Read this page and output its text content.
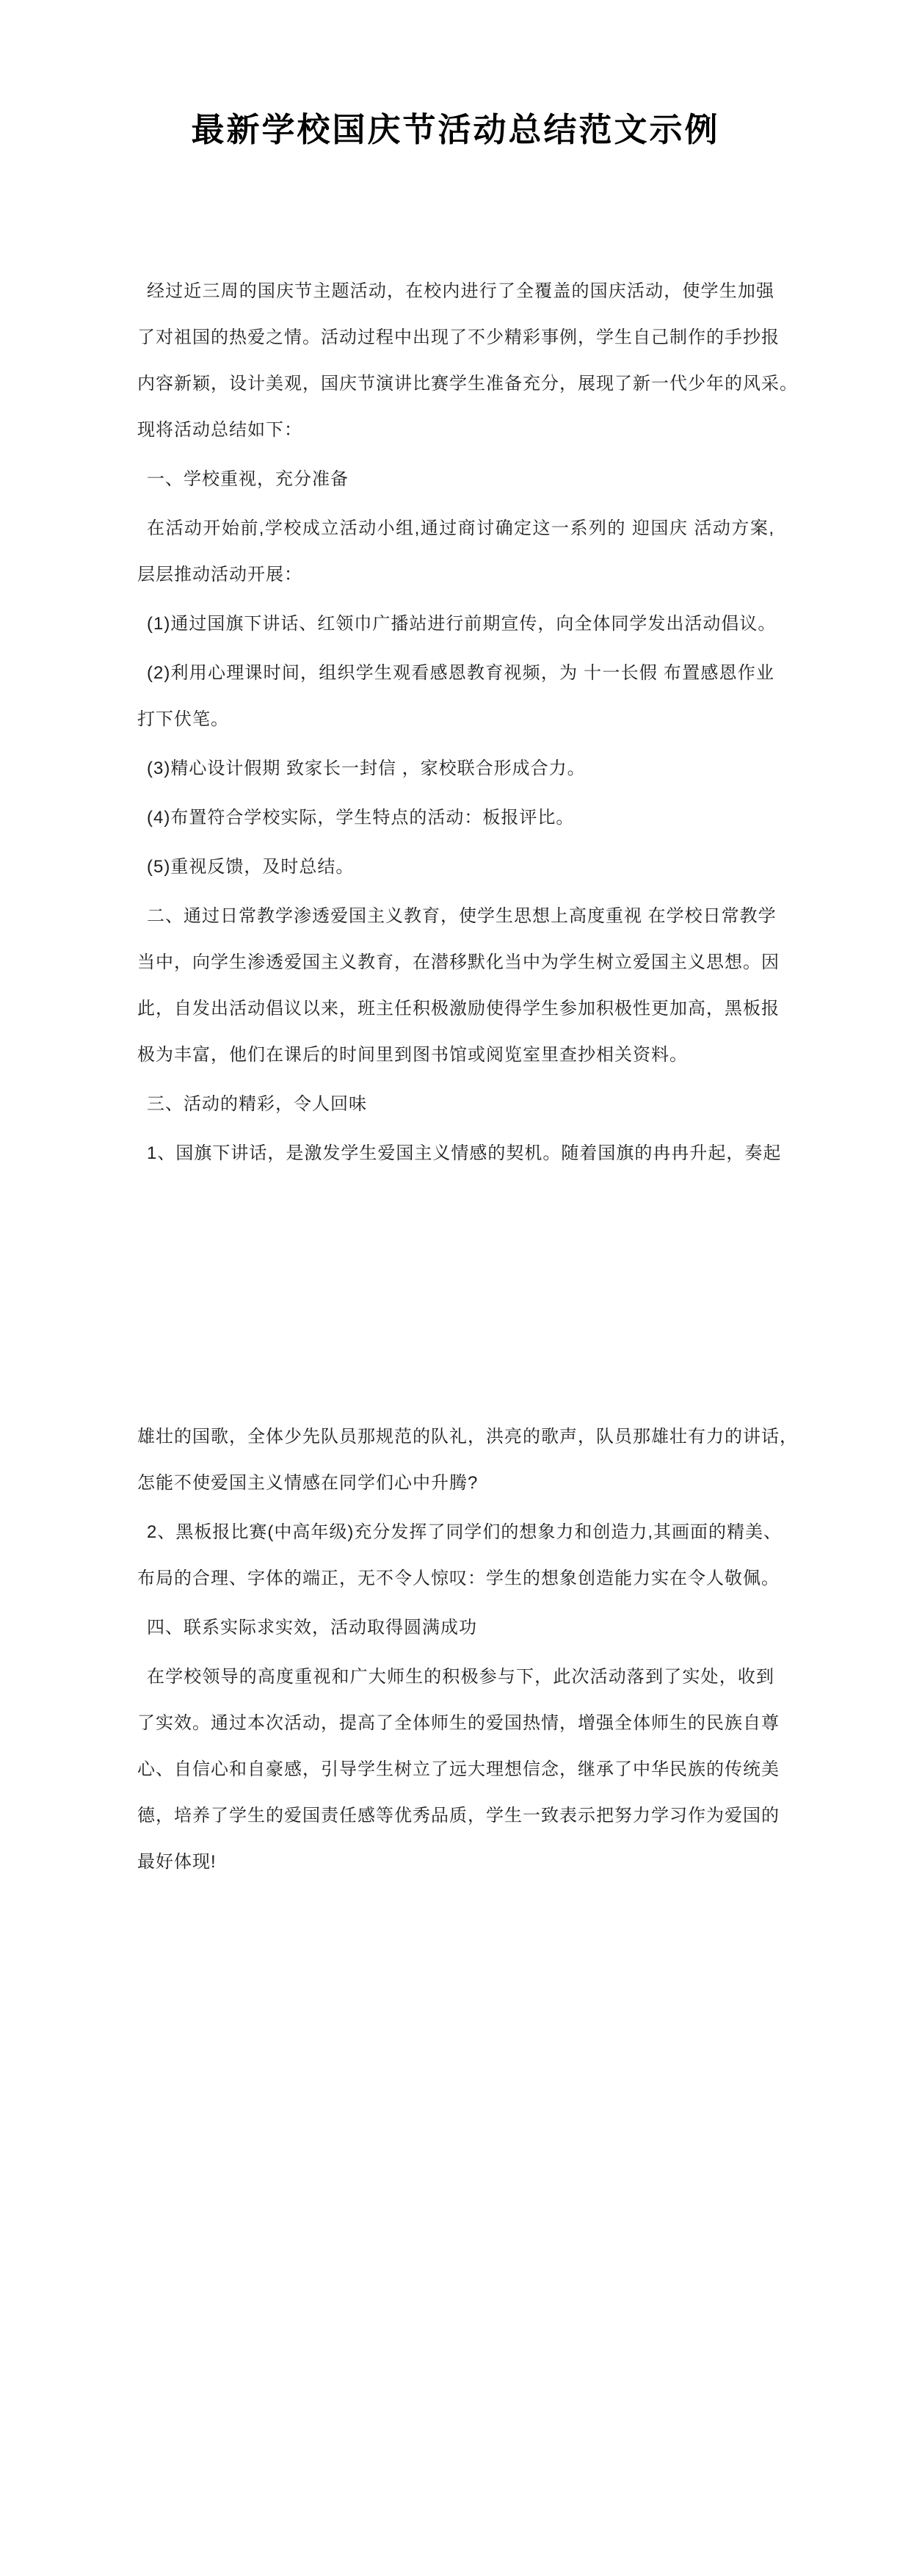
最新学校国庆节活动总结范文示例
经过近三周的国庆节主题活动，在校内进行了全覆盖的国庆活动，使学生加强
了对祖国的热爱之情。活动过程中出现了不少精彩事例，学生自己制作的手抄报
内容新颖，设计美观，国庆节演讲比赛学生准备充分，展现了新一代少年的风采。
现将活动总结如下：
一、学校重视，充分准备
在活动开始前,学校成立活动小组,通过商讨确定这一系列的 迎国庆 活动方案,
层层推动活动开展：
(1)通过国旗下讲话、红领巾广播站进行前期宣传，向全体同学发出活动倡议。
(2)利用心理课时间，组织学生观看感恩教育视频，为 十一长假 布置感恩作业
打下伏笔。
(3)精心设计假期 致家长一封信 ，家校联合形成合力。
(4)布置符合学校实际，学生特点的活动：板报评比。
(5)重视反馈，及时总结。
二、通过日常教学渗透爱国主义教育，使学生思想上高度重视 在学校日常教学
当中，向学生渗透爱国主义教育，在潜移默化当中为学生树立爱国主义思想。因
此，自发出活动倡议以来，班主任积极激励使得学生参加积极性更加高，黑板报
极为丰富，他们在课后的时间里到图书馆或阅览室里查抄相关资料。
三、活动的精彩，令人回味
1、国旗下讲话，是激发学生爱国主义情感的契机。随着国旗的冉冉升起，奏起
雄壮的国歌，全体少先队员那规范的队礼，洪亮的歌声，队员那雄壮有力的讲话，
怎能不使爱国主义情感在同学们心中升腾?
2、黑板报比赛(中高年级)充分发挥了同学们的想象力和创造力,其画面的精美、
布局的合理、字体的端正，无不令人惊叹：学生的想象创造能力实在令人敬佩。
四、联系实际求实效，活动取得圆满成功
在学校领导的高度重视和广大师生的积极参与下，此次活动落到了实处，收到
了实效。通过本次活动，提高了全体师生的爱国热情，增强全体师生的民族自尊
心、自信心和自豪感，引导学生树立了远大理想信念，继承了中华民族的传统美
德，培养了学生的爱国责任感等优秀品质，学生一致表示把努力学习作为爱国的
最好体现!
